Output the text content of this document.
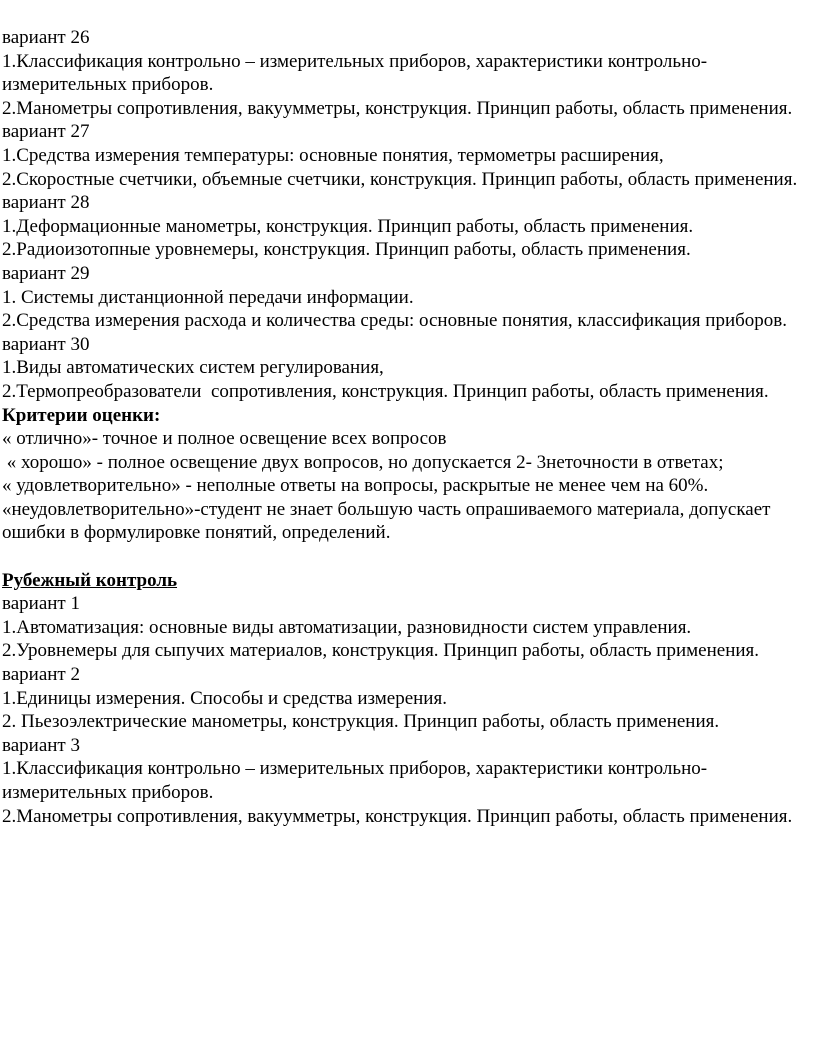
вариант 26

1.Классификация контрольно – измерительных приборов, характеристики контрольно-измерительных приборов.

2.Манометры сопротивления, вакуумметры, конструкция. Принцип работы, область применения.

вариант 27

1.Средства измерения температуры: основные понятия, термометры расширения,

2.Скоростные счетчики, объемные счетчики, конструкция. Принцип работы, область применения.

вариант 28

1.Деформационные манометры, конструкция. Принцип работы, область применения.

2.Радиоизотопные уровнемеры, конструкция. Принцип работы, область применения.

вариант 29

1. Системы дистанционной передачи информации.

2.Средства измерения расхода и количества среды: основные понятия, классификация приборов.

вариант 30

1.Виды автоматических систем регулирования,

2.Термопреобразователи  сопротивления, конструкция. Принцип работы, область применения.

Критерии оценки:

« отлично»- точное и полное освещение всех вопросов

« хорошо» - полное освещение двух вопросов, но допускается 2- 3неточности в ответах;

« удовлетворительно» - неполные ответы на вопросы, раскрытые не менее чем на 60%.

«неудовлетворительно»-студент не знает большую часть опрашиваемого материала, допускает ошибки в формулировке понятий, определений.

Рубежный контроль

вариант 1

1.Автоматизация: основные виды автоматизации, разновидности систем управления.

2.Уровнемеры для сыпучих материалов, конструкция. Принцип работы, область применения.

вариант 2

1.Единицы измерения. Способы и средства измерения.

2. Пьезоэлектрические манометры, конструкция. Принцип работы, область применения.

вариант 3

1.Классификация контрольно – измерительных приборов, характеристики контрольно-измерительных приборов.

2.Манометры сопротивления, вакуумметры, конструкция. Принцип работы, область применения.
